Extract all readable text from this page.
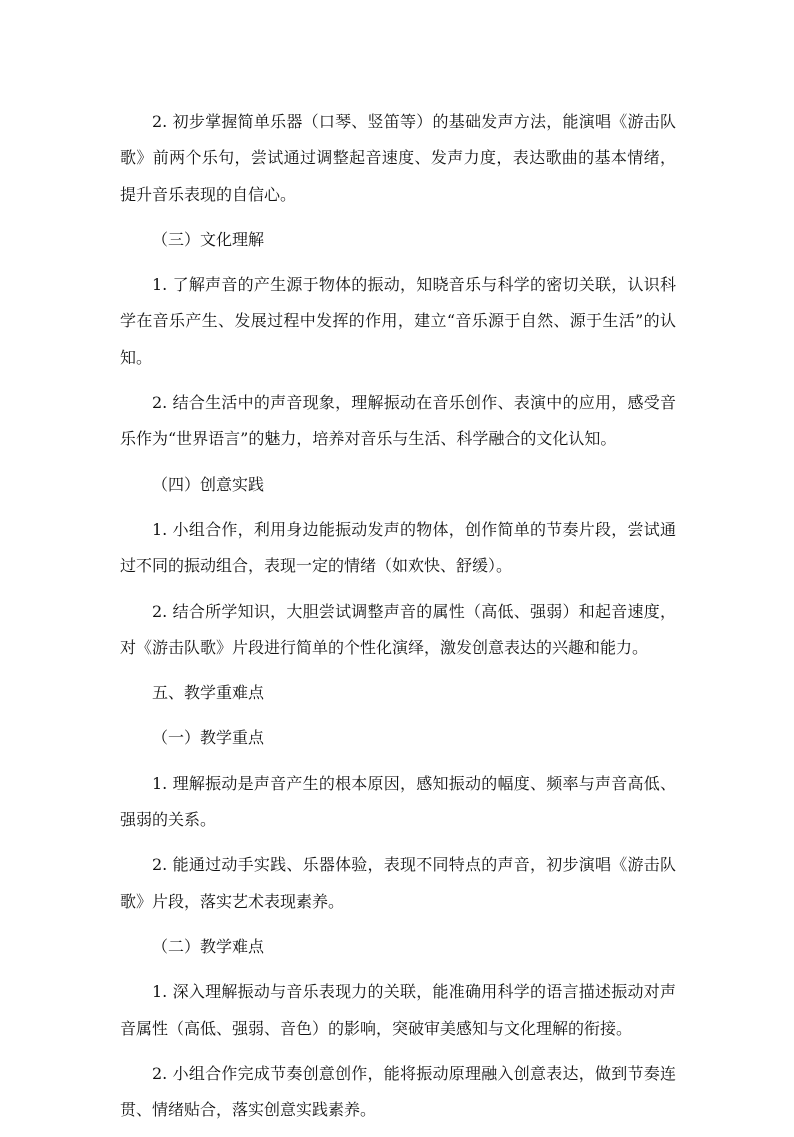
2. 初步掌握简单乐器（口琴、竖笛等）的基础发声方法，能演唱《游击队歌》前两个乐句，尝试通过调整起音速度、发声力度，表达歌曲的基本情绪，提升音乐表现的自信心。

（三）文化理解

1. 了解声音的产生源于物体的振动，知晓音乐与科学的密切关联，认识科学在音乐产生、发展过程中发挥的作用，建立“音乐源于自然、源于生活”的认知。

2. 结合生活中的声音现象，理解振动在音乐创作、表演中的应用，感受音乐作为“世界语言”的魅力，培养对音乐与生活、科学融合的文化认知。

（四）创意实践

1. 小组合作，利用身边能振动发声的物体，创作简单的节奏片段，尝试通过不同的振动组合，表现一定的情绪（如欢快、舒缓）。

2. 结合所学知识，大胆尝试调整声音的属性（高低、强弱）和起音速度，对《游击队歌》片段进行简单的个性化演绎，激发创意表达的兴趣和能力。

五、教学重难点

（一）教学重点

1. 理解振动是声音产生的根本原因，感知振动的幅度、频率与声音高低、强弱的关系。

2. 能通过动手实践、乐器体验，表现不同特点的声音，初步演唱《游击队歌》片段，落实艺术表现素养。

（二）教学难点

1. 深入理解振动与音乐表现力的关联，能准确用科学的语言描述振动对声音属性（高低、强弱、音色）的影响，突破审美感知与文化理解的衔接。

2. 小组合作完成节奏创意创作，能将振动原理融入创意表达，做到节奏连贯、情绪贴合，落实创意实践素养。
